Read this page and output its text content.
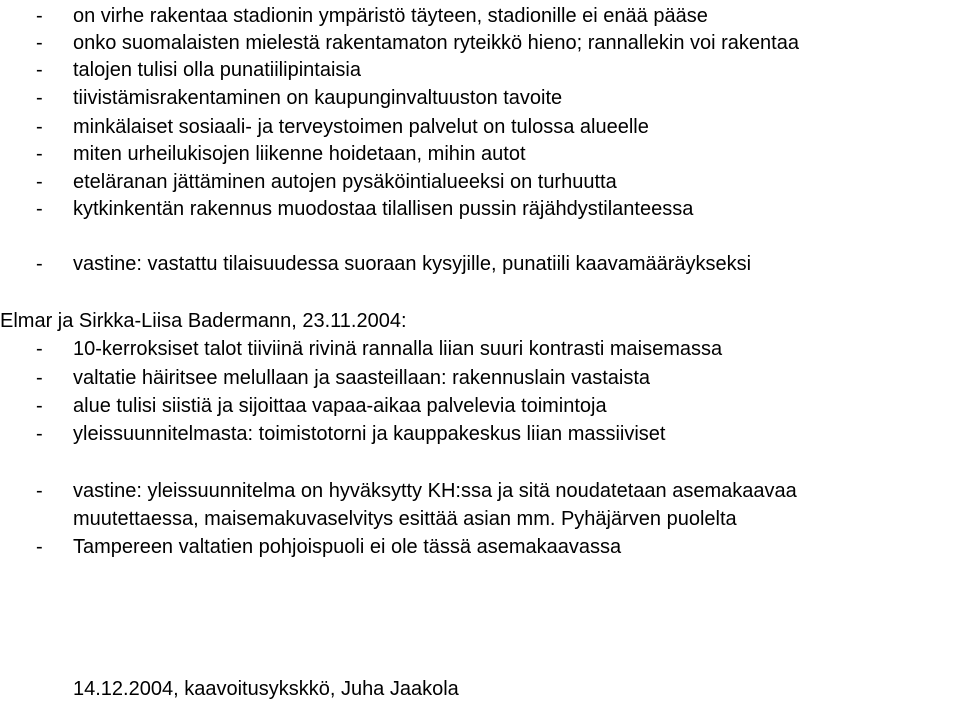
- on virhe rakentaa stadionin ympäristö täyteen, stadionille ei enää pääse
- onko suomalaisten mielestä rakentamaton ryteikkö hieno; rannallekin voi rakentaa
- talojen tulisi olla punatiilipintaisia
- tiivistämisrakentaminen on kaupunginvaltuuston tavoite
- minkälaiset sosiaali- ja terveystoimen palvelut on tulossa alueelle
- miten urheilukisojen liikenne hoidetaan, mihin autot
- eteläranan jättäminen autojen pysäköintialueeksi on turhuutta
- kytkinkentän rakennus muodostaa tilallisen pussin räjähdystilanteessa
- vastine: vastattu tilaisuudessa suoraan kysyjille, punatiili kaavamääräykseksi
Elmar ja Sirkka-Liisa Badermann, 23.11.2004:
- 10-kerroksiset talot tiiviinä rivinä rannalla liian suuri kontrasti maisemassa
- valtatie häiritsee melullaan ja saasteillaan: rakennuslain vastaista
- alue tulisi siistiä ja sijoittaa vapaa-aikaa palvelevia toimintoja
- yleissuunnitelmasta: toimistotorni ja kauppakeskus liian massiiviset
- vastine: yleissuunnitelma on hyväksytty KH:ssa ja sitä noudatetaan asemakaavaa
muutettaessa, maisemakuvaselvitys esittää asian mm. Pyhäjärven puolelta
- Tampereen valtatien pohjoispuoli ei ole tässä asemakaavassa
14.12.2004, kaavoitusykskkö, Juha Jaakola
